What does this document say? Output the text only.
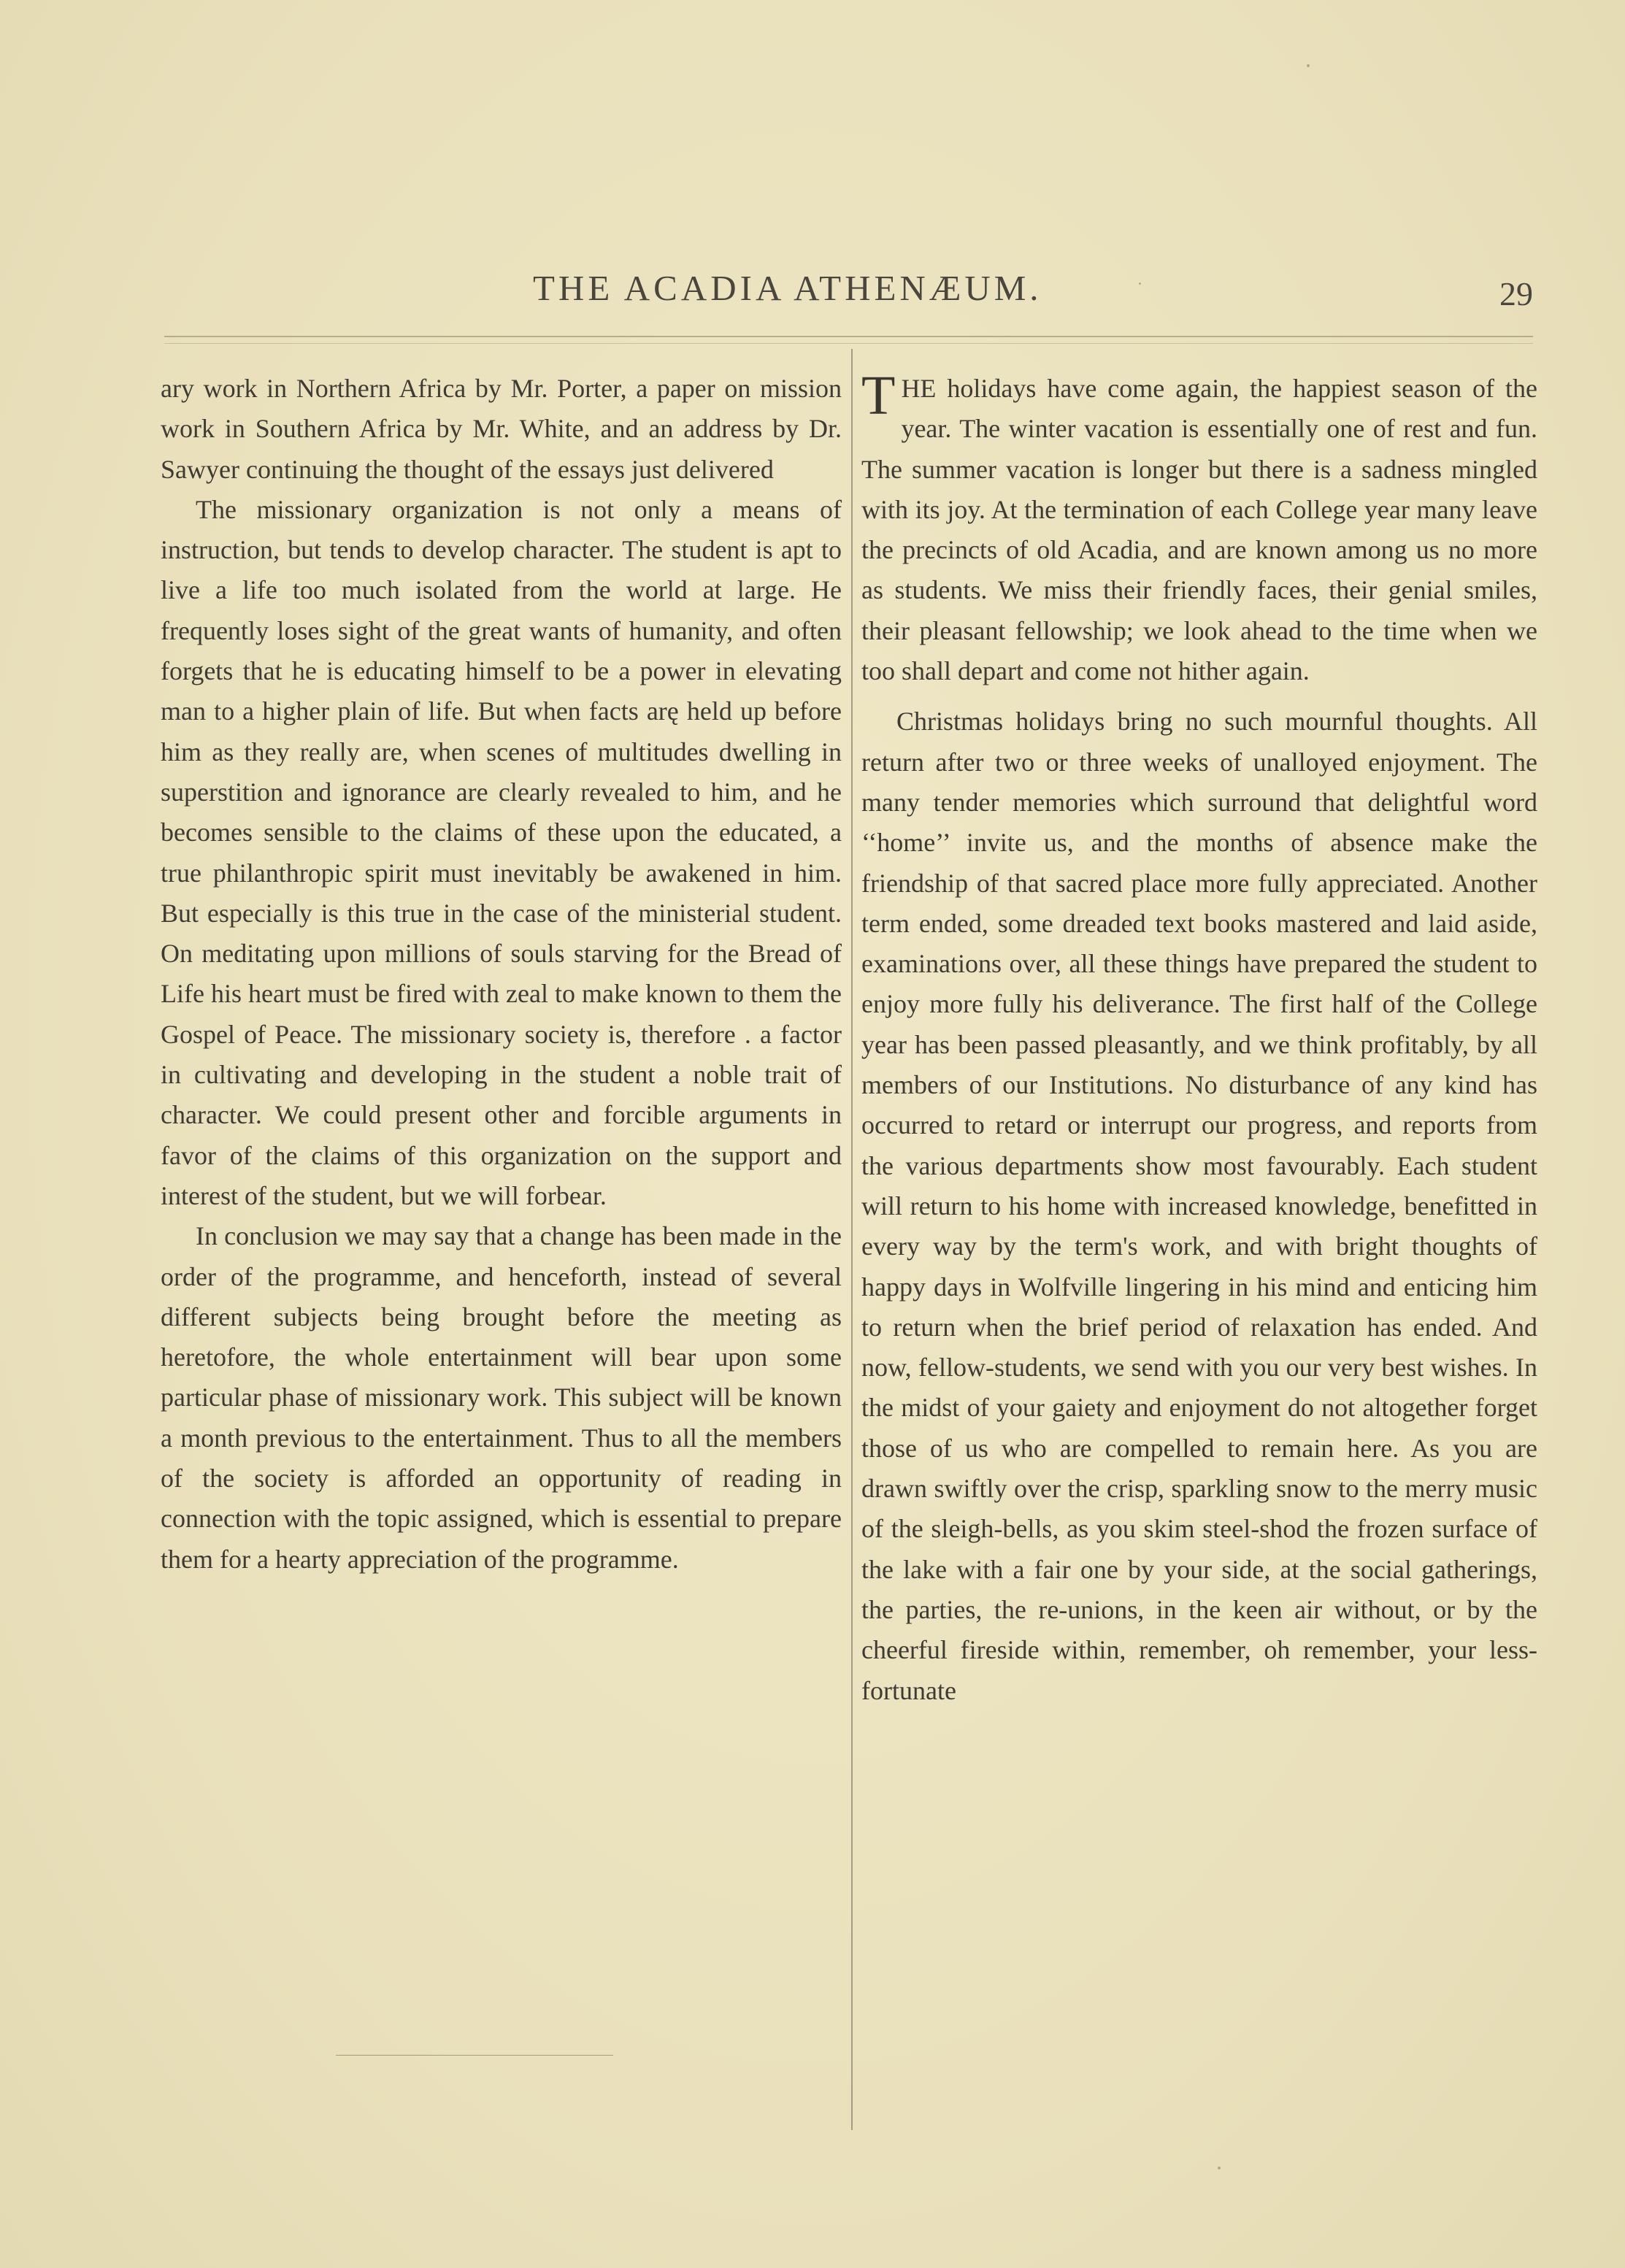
THE ACADIA ATHENÆUM.	29

ary work in Northern Africa by Mr. Porter, a paper on mission work in Southern Africa by Mr. White, and an address by Dr. Sawyer continuing the thought of the essays just delivered

The missionary organization is not only a means of instruction, but tends to develop character. The student is apt to live a life too much isolated from the world at large. He frequently loses sight of the great wants of humanity, and often forgets that he is educating himself to be a power in elevating man to a higher plain of life. But when facts arę held up before him as they really are, when scenes of multitudes dwelling in superstition and ignorance are clearly revealed to him, and he becomes sensible to the claims of these upon the educated, a true philanthropic spirit must inevitably be awakened in him. But especially is this true in the case of the ministerial student. On meditating upon millions of souls starving for the Bread of Life his heart must be fired with zeal to make known to them the Gospel of Peace. The missionary society is, therefore . a factor in cultivating and developing in the student a noble trait of character. We could present other and forcible arguments in favor of the claims of this organization on the support and interest of the student, but we will forbear.

In conclusion we may say that a change has been made in the order of the programme, and henceforth, instead of several different subjects being brought before the meeting as heretofore, the whole entertainment will bear upon some particular phase of missionary work. This subject will be known a month previous to the entertainment. Thus to all the members of the society is afforded an opportunity of reading in connection with the topic assigned, which is essential to prepare them for a hearty appreciation of the programme.

THE holidays have come again, the happiest season of the year. The winter vacation is essentially one of rest and fun. The summer vacation is longer but there is a sadness mingled with its joy. At the termination of each College year many leave the precincts of old Acadia, and are known among us no more as students. We miss their friendly faces, their genial smiles, their pleasant fellowship; we look ahead to the time when we too shall depart and come not hither again.

Christmas holidays bring no such mournful thoughts. All return after two or three weeks of unalloyed enjoyment. The many tender memories which surround that delightful word ‘‘home’’ invite us, and the months of absence make the friendship of that sacred place more fully appreciated. Another term ended, some dreaded text books mastered and laid aside, examinations over, all these things have prepared the student to enjoy more fully his deliverance. The first half of the College year has been passed pleasantly, and we think profitably, by all members of our Institutions. No disturbance of any kind has occurred to retard or interrupt our progress, and reports from the various departments show most favourably. Each student will return to his home with increased knowledge, benefitted in every way by the term's work, and with bright thoughts of happy days in Wolfville lingering in his mind and enticing him to return when the brief period of relaxation has ended. And now, fellow-students, we send with you our very best wishes. In the midst of your gaiety and enjoyment do not altogether forget those of us who are compelled to remain here. As you are drawn swiftly over the crisp, sparkling snow to the merry music of the sleigh-bells, as you skim steel-shod the frozen surface of the lake with a fair one by your side, at the social gatherings, the parties, the re-unions, in the keen air without, or by the cheerful fireside within, remember, oh remember, your less-fortunate
